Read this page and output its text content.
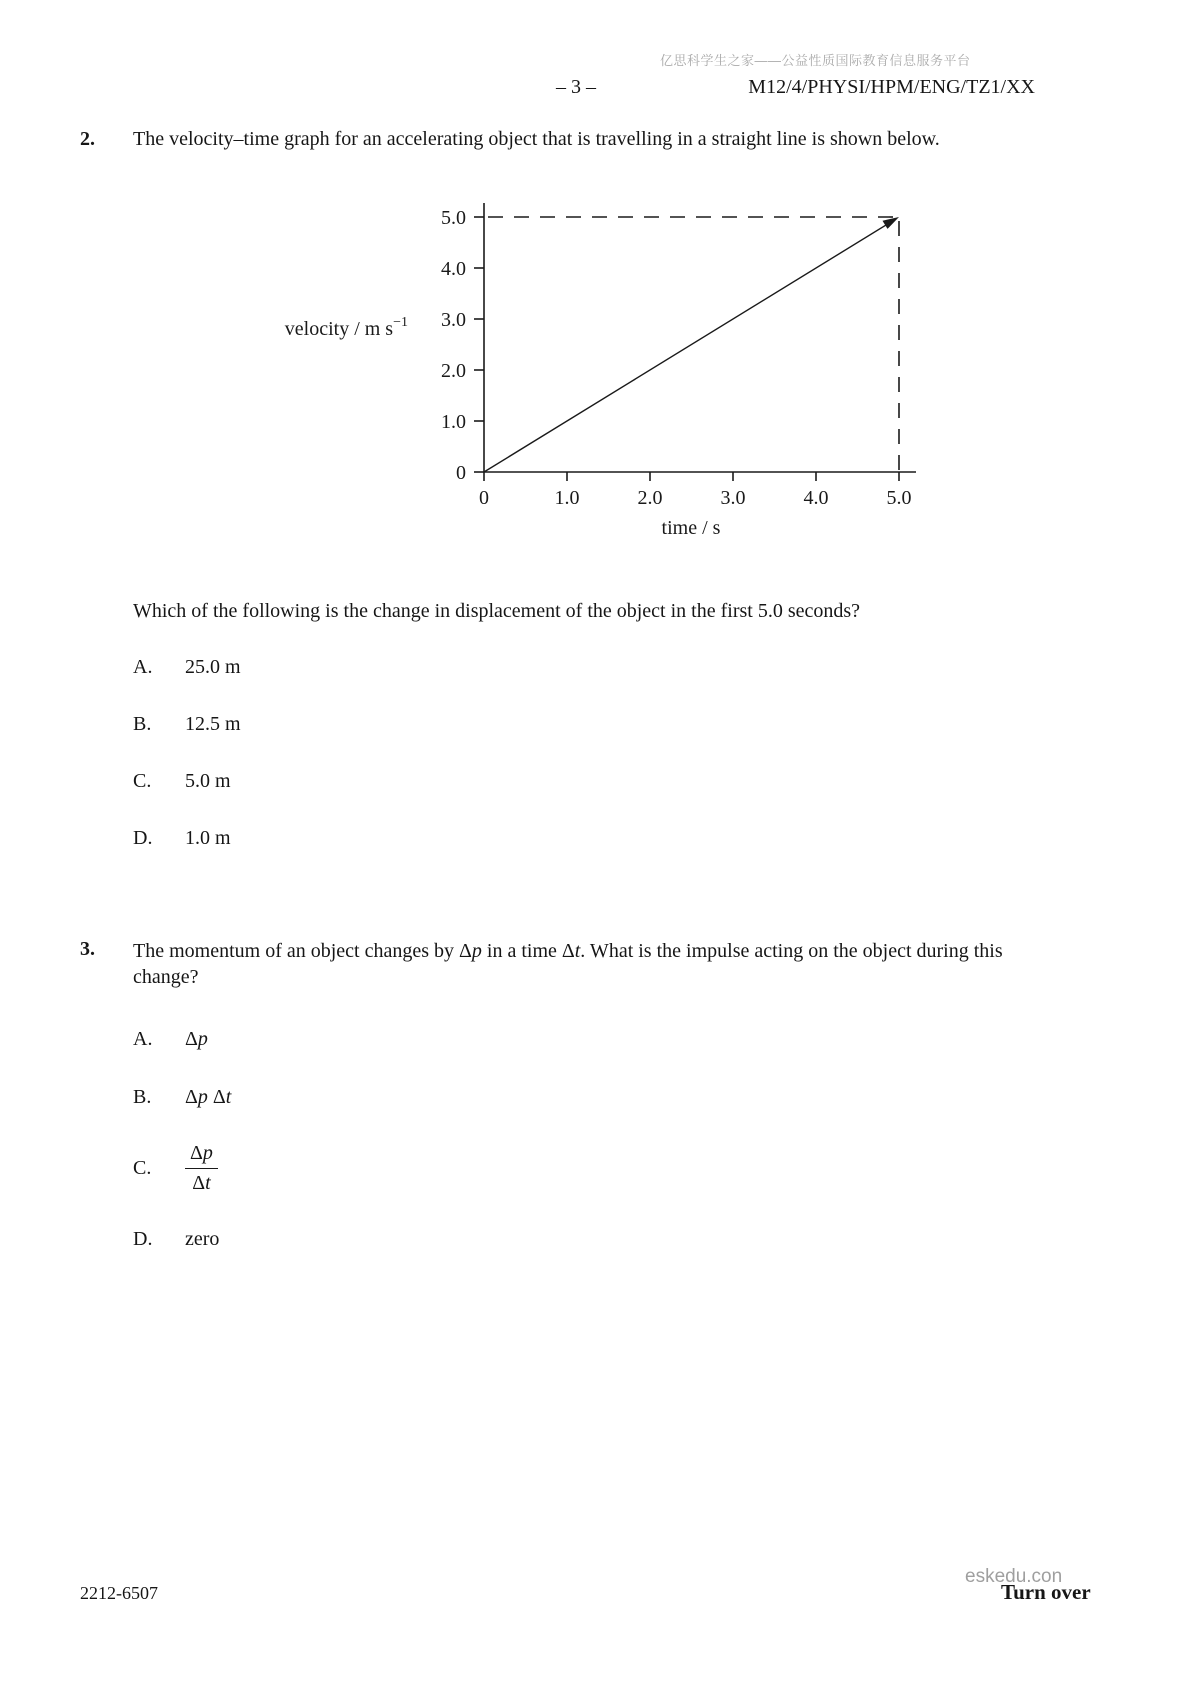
亿思科学生之家——公益性质国际教育信息服务平台
– 3 –	M12/4/PHYSI/HPM/ENG/TZ1/XX
2. The velocity–time graph for an accelerating object that is travelling in a straight line is shown below.
5.0
4.0
3.0
2.0
1.0
0
0	1.0	2.0	3.0	4.0	5.0
velocity / m $s^{-1}$
time / s
Which of the following is the change in displacement of the object in the first 5.0 seconds?
A.	25.0 m
B.	12.5 m
C.	5.0 m
D.	1.0 m
3. The momentum of an object changes by Δp in a time Δt. What is the impulse acting on the object during this change?
A.	Δp
B.	Δp Δt
C.	$\frac{\Delta p}{\Delta t}$
D.	zero
2212-6507
eskedu.con
Turn over
